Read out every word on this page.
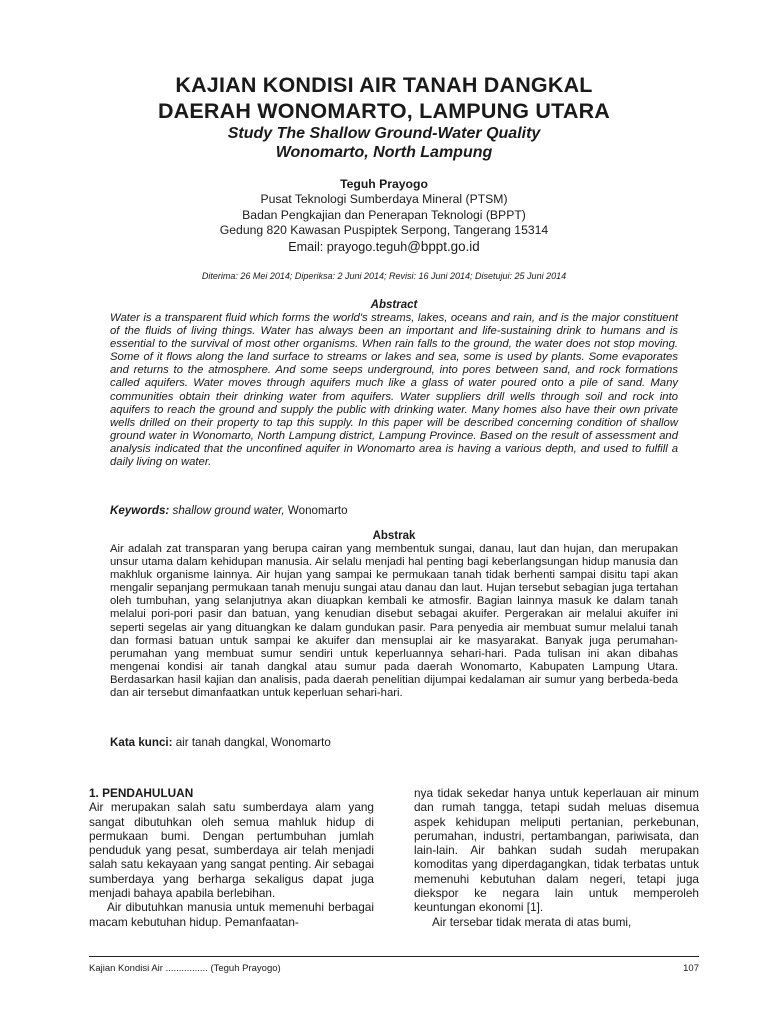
KAJIAN KONDISI AIR TANAH DANGKAL
DAERAH WONOMARTO, LAMPUNG UTARA
Study The Shallow Ground-Water Quality
Wonomarto, North Lampung
Teguh Prayogo
Pusat Teknologi Sumberdaya Mineral (PTSM)
Badan Pengkajian dan Penerapan Teknologi (BPPT)
Gedung 820 Kawasan Puspiptek Serpong, Tangerang 15314
Email: prayogo.teguh@bppt.go.id
Diterima: 26 Mei 2014; Diperiksa: 2 Juni 2014; Revisi: 16 Juni 2014; Disetujui: 25 Juni 2014
Abstract
Water is a transparent fluid which forms the world's streams, lakes, oceans and rain, and is the major constituent of the fluids of living things. Water has always been an important and life-sustaining drink to humans and is essential to the survival of most other organisms. When rain falls to the ground, the water does not stop moving. Some of it flows along the land surface to streams or lakes and sea, some is used by plants. Some evaporates and returns to the atmosphere. And some seeps underground, into pores between sand, and rock formations called aquifers. Water moves through aquifers much like a glass of water poured onto a pile of sand. Many communities obtain their drinking water from aquifers. Water suppliers drill wells through soil and rock into aquifers to reach the ground and supply the public with drinking water. Many homes also have their own private wells drilled on their property to tap this supply. In this paper will be described concerning condition of shallow ground water in Wonomarto, North Lampung district, Lampung Province. Based on the result of assessment and analysis indicated that the unconfined aquifer in Wonomarto area is having a various depth, and used to fulfill a daily living on water.
Keywords: shallow ground water, Wonomarto
Abstrak
Air adalah zat transparan yang berupa cairan yang membentuk sungai, danau, laut dan hujan, dan merupakan unsur utama dalam kehidupan manusia. Air selalu menjadi hal penting bagi keberlangsungan hidup manusia dan makhluk organisme lainnya. Air hujan yang sampai ke permukaan tanah tidak berhenti sampai disitu tapi akan mengalir sepanjang permukaan tanah menuju sungai atau danau dan laut. Hujan tersebut sebagian juga tertahan oleh tumbuhan, yang selanjutnya akan diuapkan kembali ke atmosfir. Bagian lainnya masuk ke dalam tanah melalui pori-pori pasir dan batuan, yang kenudian disebut sebagai akuifer. Pergerakan air melalui akuifer ini seperti segelas air yang dituangkan ke dalam gundukan pasir. Para penyedia air membuat sumur melalui tanah dan formasi batuan untuk sampai ke akuifer dan mensuplai air ke masyarakat. Banyak juga perumahan-perumahan yang membuat sumur sendiri untuk keperluannya sehari-hari. Pada tulisan ini akan dibahas mengenai kondisi air tanah dangkal atau sumur pada daerah Wonomarto, Kabupaten Lampung Utara. Berdasarkan hasil kajian dan analisis, pada daerah penelitian dijumpai kedalaman air sumur yang berbeda-beda dan air tersebut dimanfaatkan untuk keperluan sehari-hari.
Kata kunci: air tanah dangkal, Wonomarto

1. PENDAHULUAN

Air merupakan salah satu sumberdaya alam yang sangat dibutuhkan oleh semua mahluk hidup di permukaan bumi. Dengan pertumbuhan jumlah penduduk yang pesat, sumberdaya air telah menjadi salah satu kekayaan yang sangat penting. Air sebagai sumberdaya yang berharga sekaligus dapat juga menjadi bahaya apabila berlebihan.

Air dibutuhkan manusia untuk memenuhi berbagai macam kebutuhan hidup. Pemanfaatan-

nya tidak sekedar hanya untuk keperlauan air minum dan rumah tangga, tetapi sudah meluas disemua aspek kehidupan meliputi pertanian, perkebunan, perumahan, industri, pertambangan, pariwisata, dan lain-lain. Air bahkan sudah sudah merupakan komoditas yang diperdagangkan, tidak terbatas untuk memenuhi kebutuhan dalam negeri, tetapi juga diekspor ke negara lain untuk memperoleh keuntungan ekonomi [1].

Air tersebar tidak merata di atas bumi,

Kajian Kondisi Air ................ (Teguh Prayogo)	107
